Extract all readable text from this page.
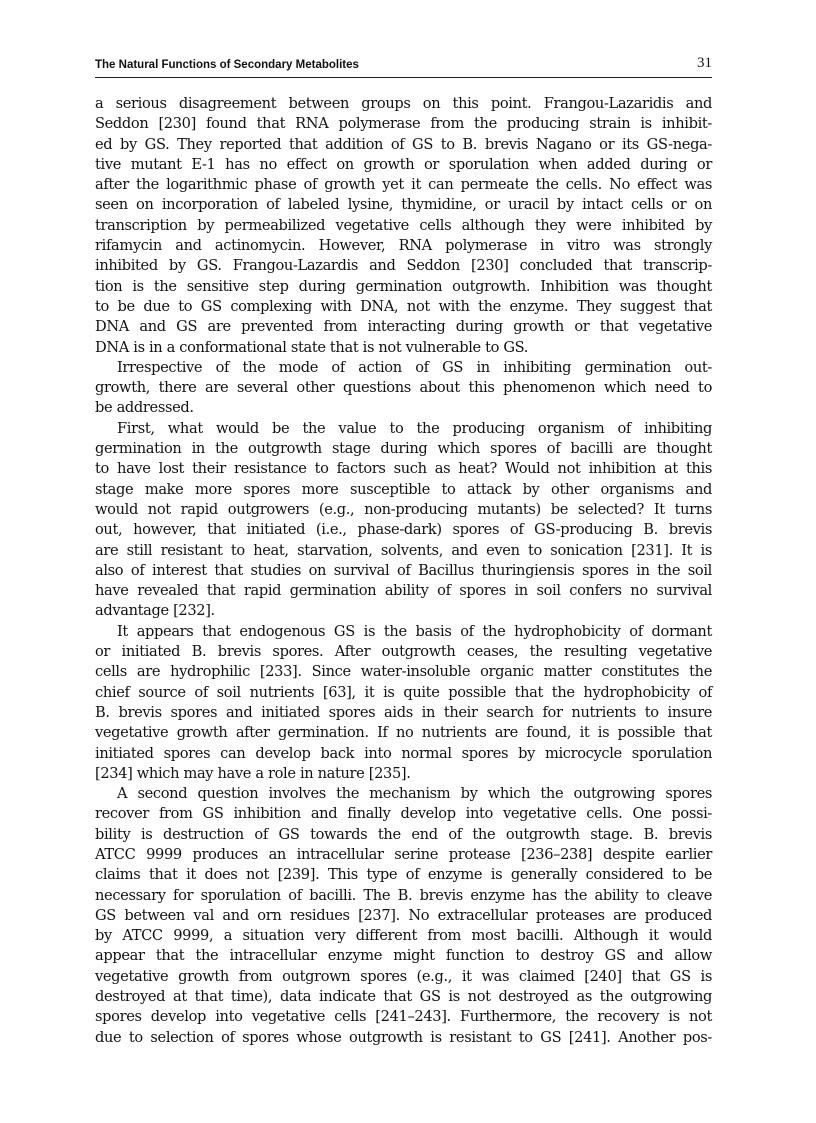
The Natural Functions of Secondary Metabolites	31
a serious disagreement between groups on this point. Frangou-Lazaridis and
Seddon [230] found that RNA polymerase from the producing strain is inhibit-
ed by GS. They reported that addition of GS to B. brevis Nagano or its GS-nega-
tive mutant E-1 has no effect on growth or sporulation when added during or
after the logarithmic phase of growth yet it can permeate the cells. No effect was
seen on incorporation of labeled lysine, thymidine, or uracil by intact cells or on
transcription by permeabilized vegetative cells although they were inhibited by
rifamycin and actinomycin. However, RNA polymerase in vitro was strongly
inhibited by GS. Frangou-Lazardis and Seddon [230] concluded that transcrip-
tion is the sensitive step during germination outgrowth. Inhibition was thought
to be due to GS complexing with DNA, not with the enzyme. They suggest that
DNA and GS are prevented from interacting during growth or that vegetative
DNA is in a conformational state that is not vulnerable to GS.
Irrespective of the mode of action of GS in inhibiting germination out-
growth, there are several other questions about this phenomenon which need to
be addressed.
First, what would be the value to the producing organism of inhibiting
germination in the outgrowth stage during which spores of bacilli are thought
to have lost their resistance to factors such as heat? Would not inhibition at this
stage make more spores more susceptible to attack by other organisms and
would not rapid outgrowers (e.g., non-producing mutants) be selected? It turns
out, however, that initiated (i.e., phase-dark) spores of GS-producing B. brevis
are still resistant to heat, starvation, solvents, and even to sonication [231]. It is
also of interest that studies on survival of Bacillus thuringiensis spores in the soil
have revealed that rapid germination ability of spores in soil confers no survival
advantage [232].
It appears that endogenous GS is the basis of the hydrophobicity of dormant
or initiated B. brevis spores. After outgrowth ceases, the resulting vegetative
cells are hydrophilic [233]. Since water-insoluble organic matter constitutes the
chief source of soil nutrients [63], it is quite possible that the hydrophobicity of
B. brevis spores and initiated spores aids in their search for nutrients to insure
vegetative growth after germination. If no nutrients are found, it is possible that
initiated spores can develop back into normal spores by microcycle sporulation
[234] which may have a role in nature [235].
A second question involves the mechanism by which the outgrowing spores
recover from GS inhibition and finally develop into vegetative cells. One possi-
bility is destruction of GS towards the end of the outgrowth stage. B. brevis
ATCC 9999 produces an intracellular serine protease [236–238] despite earlier
claims that it does not [239]. This type of enzyme is generally considered to be
necessary for sporulation of bacilli. The B. brevis enzyme has the ability to cleave
GS between val and orn residues [237]. No extracellular proteases are produced
by ATCC 9999, a situation very different from most bacilli. Although it would
appear that the intracellular enzyme might function to destroy GS and allow
vegetative growth from outgrown spores (e.g., it was claimed [240] that GS is
destroyed at that time), data indicate that GS is not destroyed as the outgrowing
spores develop into vegetative cells [241–243]. Furthermore, the recovery is not
due to selection of spores whose outgrowth is resistant to GS [241]. Another pos-
